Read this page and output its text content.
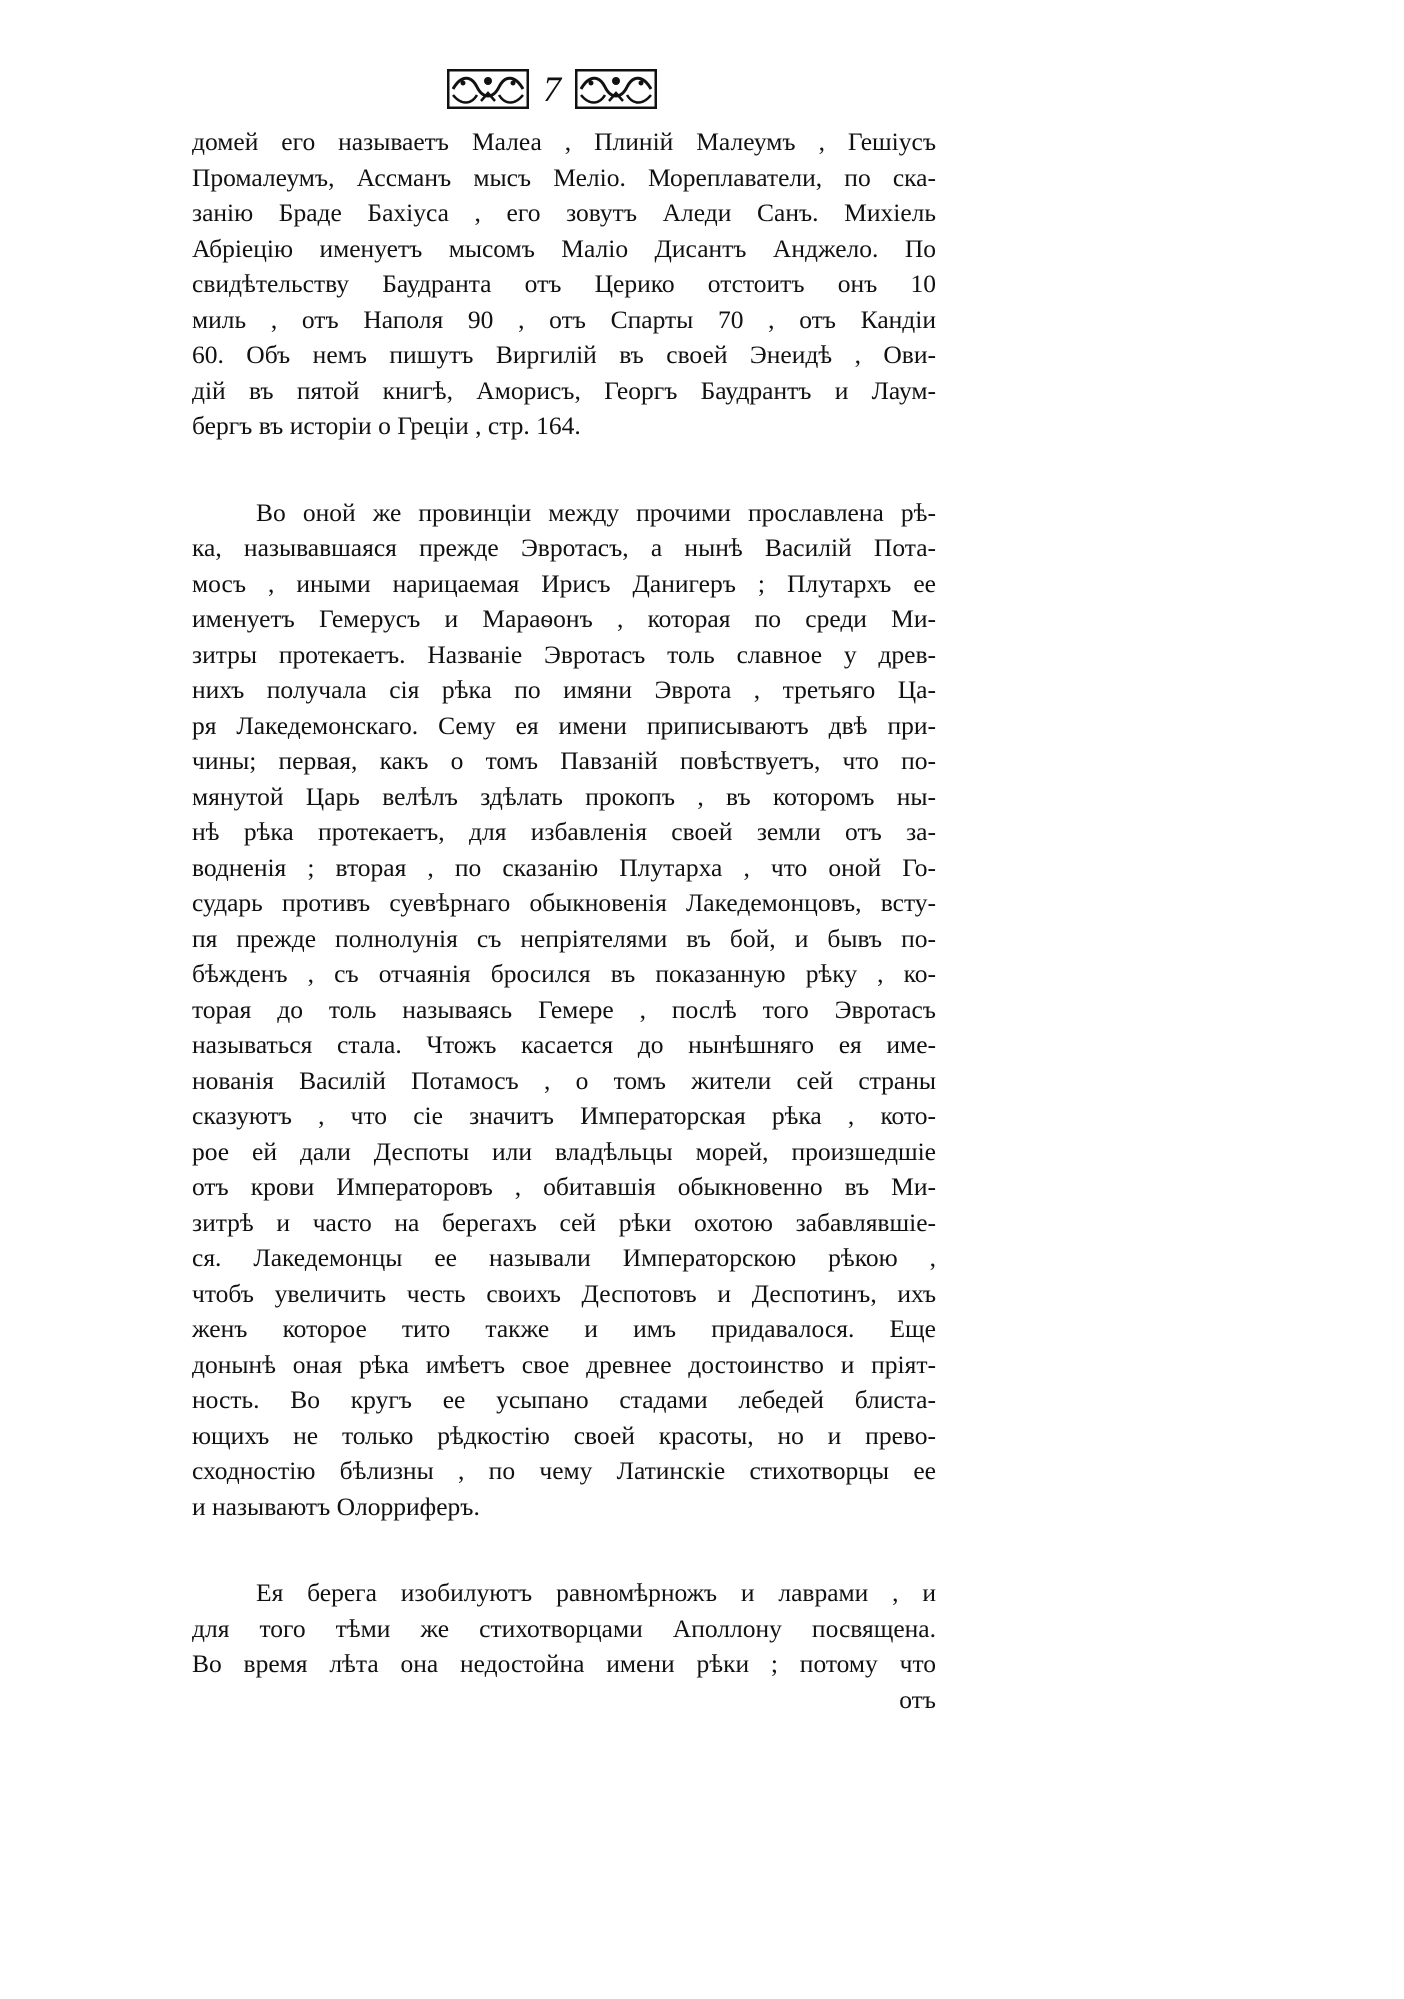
7
домей его называетъ Малеа , Плиній Малеумъ , Гешіусъ
Промалеумъ, Ассманъ мысъ Меліо. Мореплаватели, по ска-
занію Браде Бахіуса , его зовутъ Аледи Санъ. Михіель
Абріецію именуетъ мысомъ Маліо Дисантъ Анджело. По
свидѣтельству Баудранта отъ Церико отстоитъ онъ 10
миль , отъ Наполя 90 , отъ Спарты 70 , отъ Кандіи
60. Объ немъ пишутъ Виргилій въ своей Энеидѣ , Ови-
дій въ пятой книгѣ, Аморисъ, Георгъ Баудрантъ и Лаум-
бергъ въ исторіи о Греціи , стр. 164.
Во оной же провинціи между прочими прославлена рѣ-
ка, называвшаяся прежде Эвротасъ, а нынѣ Василій Пота-
мосъ , иными нарицаемая Ирисъ Данигеръ ; Плутархъ ее
именуетъ Гемерусъ и Мараѳонъ , которая по среди Ми-
зитры протекаетъ. Названіе Эвротасъ толь славное у древ-
нихъ получала сія рѣка по имяни Эврота , третьяго Ца-
ря Лакедемонскаго. Сему ея имени приписываютъ двѣ при-
чины; первая, какъ о томъ Павзаній повѣствуетъ, что по-
мянутой Царь велѣлъ здѣлать прокопъ , въ которомъ ны-
нѣ рѣка протекаетъ, для избавленія своей земли отъ за-
водненія ; вторая , по сказанію Плутарха , что оной Го-
сударь противъ суевѣрнаго обыкновенія Лакедемонцовъ, всту-
пя прежде полнолунія съ непріятелями въ бой, и бывъ по-
бѣжденъ , съ отчаянія бросился въ показанную рѣку , ко-
торая до толь называясь Гемере , послѣ того Эвротасъ
называться стала. Чтожъ касается до нынѣшняго ея име-
нованія Василій Потамосъ , о томъ жители сей страны
сказуютъ , что сіе значитъ Императорская рѣка , кото-
рое ей дали Деспоты или владѣльцы морей, произшедшіе
отъ крови Императоровъ , обитавшія обыкновенно въ Ми-
зитрѣ и часто на берегахъ сей рѣки охотою забавлявшіе-
ся. Лакедемонцы ее называли Императорскою рѣкою ,
чтобъ увеличить честь своихъ Деспотовъ и Деспотинъ, ихъ
женъ которое тито также и имъ придавалося. Еще
донынѣ оная рѣка имѣетъ свое древнее достоинство и пріят-
ность. Во кругъ ее усыпано стадами лебедей блиста-
ющихъ не только рѣдкостію своей красоты, но и прево-
сходностію бѣлизны , по чему Латинскіе стихотворцы ее
и называютъ Олорриферъ.
Ея берега изобилуютъ равномѣрножъ и лаврами , и
для того тѣми же стихотворцами Аполлону посвящена.
Во время лѣта она недостойна имени рѣки ; потому что
отъ
